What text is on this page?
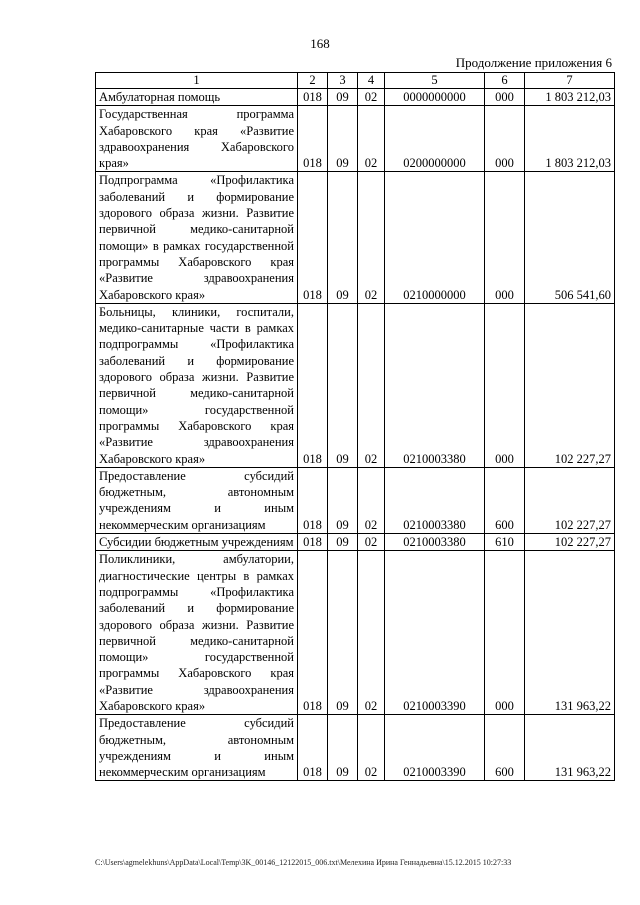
168
Продолжение приложения 6
1	2	3	4	5	6	7
Амбулаторная помощь	018	09	02	0000000000	000	1 803 212,03
Государственная программа Хабаровского края «Развитие здравоохранения Хабаровского края»	018	09	02	0200000000	000	1 803 212,03
Подпрограмма «Профилактика заболеваний и формирование здорового образа жизни. Развитие первичной медико-санитарной помощи» в рамках государственной программы Хабаровского края «Развитие здравоохранения Хабаровского края»	018	09	02	0210000000	000	506 541,60
Больницы, клиники, госпитали, медико-санитарные части в рамках подпрограммы «Профилактика заболеваний и формирование здорового образа жизни. Развитие первичной медико-санитарной помощи» государственной программы Хабаровского края «Развитие здравоохранения Хабаровского края»	018	09	02	0210003380	000	102 227,27
Предоставление субсидий бюджетным, автономным учреждениям и иным некоммерческим организациям	018	09	02	0210003380	600	102 227,27
Субсидии бюджетным учреждениям	018	09	02	0210003380	610	102 227,27
Поликлиники, амбулатории, диагностические центры в рамках подпрограммы «Профилактика заболеваний и формирование здорового образа жизни. Развитие первичной медико-санитарной помощи» государственной программы Хабаровского края «Развитие здравоохранения Хабаровского края»	018	09	02	0210003390	000	131 963,22
Предоставление субсидий бюджетным, автономным учреждениям и иным некоммерческим организациям	018	09	02	0210003390	600	131 963,22
C:\Users\agmelekhuns\AppData\Local\Temp\3K_00146_12122015_006.txt\Мелехина Ирина Геннадьевна\15.12.2015 10:27:33
